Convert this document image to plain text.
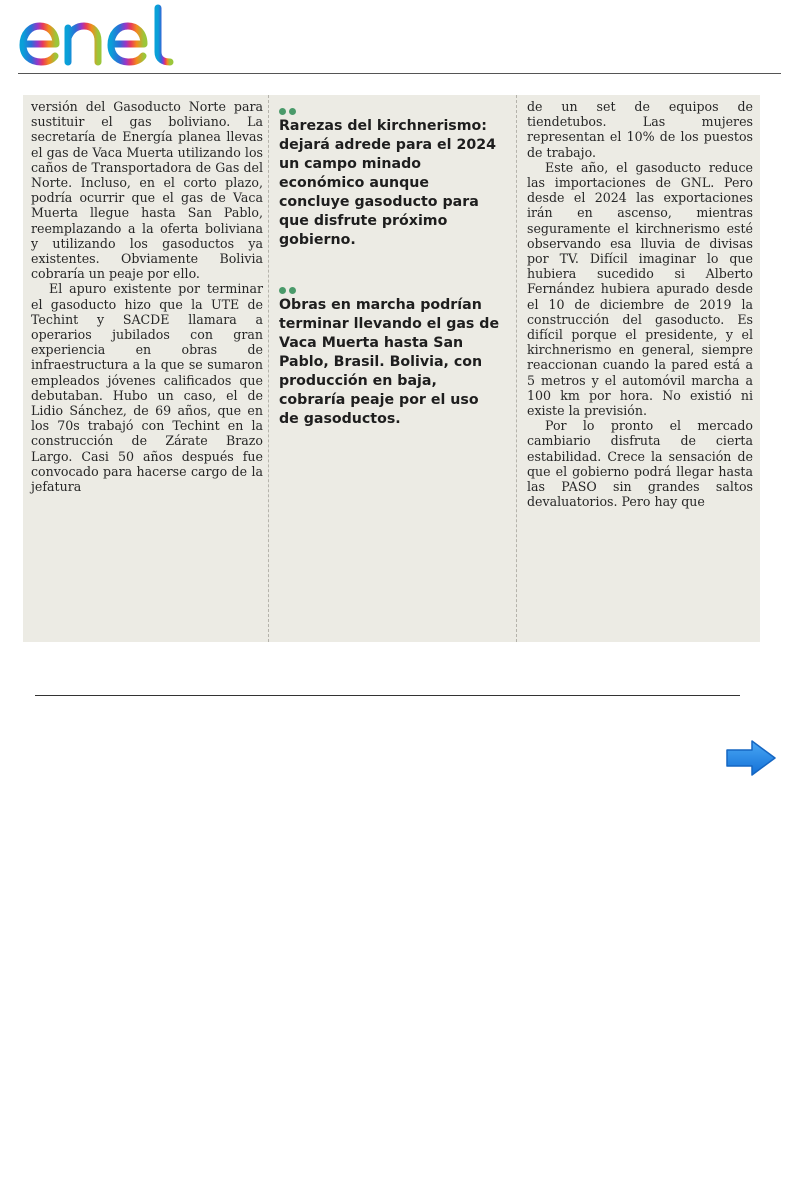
versión del Gasoducto Norte para sustituir el gas boliviano. La secretaría de Energía planea llevas el gas de Vaca Muerta utilizando los caños de Transportadora de Gas del Norte. Incluso, en el corto plazo, podría ocurrir que el gas de Vaca Muerta llegue hasta San Pablo, reemplazando a la oferta boliviana y utilizando los gasoductos ya existentes. Obviamente Bolivia cobraría un peaje por ello.

El apuro existente por terminar el gasoducto hizo que la UTE de Techint y SACDE llamara a operarios jubilados con gran experiencia en obras de infraestructura a la que se sumaron empleados jóvenes calificados que debutaban. Hubo un caso, el de Lidio Sánchez, de 69 años, que en los 70s trabajó con Techint en la construcción de Zárate Brazo Largo. Casi 50 años después fue convocado para hacerse cargo de la jefatura

Rarezas del kirchnerismo: dejará adrede para el 2024 un campo minado económico aunque concluye gasoducto para que disfrute próximo gobierno.

Obras en marcha podrían terminar llevando el gas de Vaca Muerta hasta San Pablo, Brasil. Bolivia, con producción en baja, cobraría peaje por el uso de gasoductos.

de un set de equipos de tiendetubos. Las mujeres representan el 10% de los puestos de trabajo.

Este año, el gasoducto reduce las importaciones de GNL. Pero desde el 2024 las exportaciones irán en ascenso, mientras seguramente el kirchnerismo esté observando esa lluvia de divisas por TV. Difícil imaginar lo que hubiera sucedido si Alberto Fernández hubiera apurado desde el 10 de diciembre de 2019 la construcción del gasoducto. Es difícil porque el presidente, y el kirchnerismo en general, siempre reaccionan cuando la pared está a 5 metros y el automóvil marcha a 100 km por hora. No existió ni existe la previsión.

Por lo pronto el mercado cambiario disfruta de cierta estabilidad. Crece la sensación de que el gobierno podrá llegar hasta las PASO sin grandes saltos devaluatorios. Pero hay que
